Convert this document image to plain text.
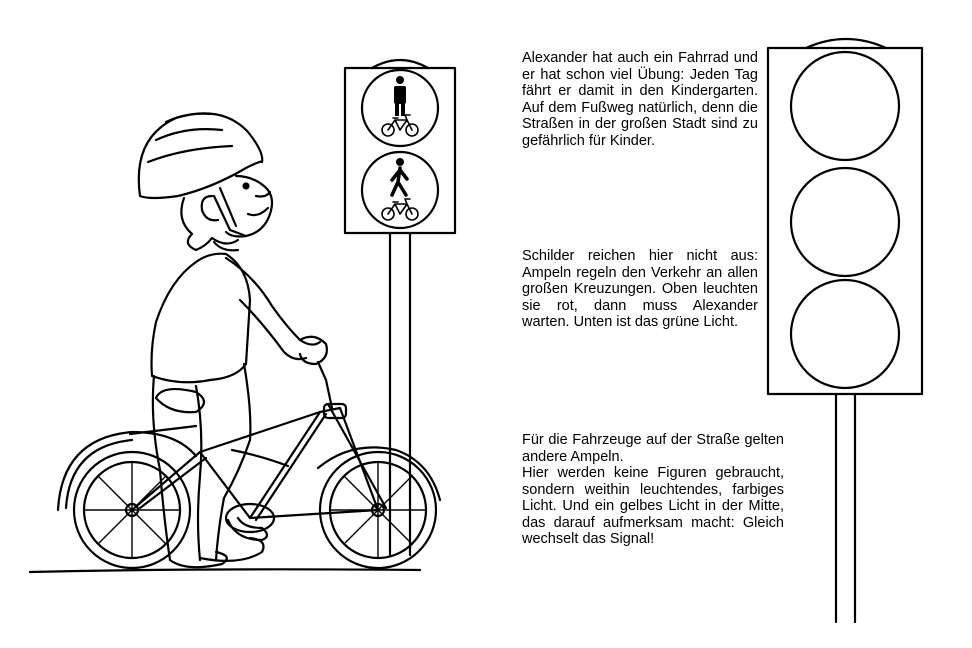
Alexander hat auch ein Fahrrad und er hat schon viel Übung: Jeden Tag fährt er damit in den Kindergarten. Auf dem Fußweg natürlich, denn die Straßen in der großen Stadt sind zu gefährlich für Kinder.

Schilder reichen hier nicht aus: Ampeln regeln den Verkehr an allen großen Kreuzungen. Oben leuchten sie rot, dann muss Alexander warten. Unten ist das grüne Licht.

Für die Fahrzeuge auf der Straße gelten andere Ampeln.
Hier werden keine Figuren gebraucht, sondern weithin leuchtendes, farbiges Licht. Und ein gelbes Licht in der Mitte, das darauf aufmerksam macht: Gleich wechselt das Signal!
